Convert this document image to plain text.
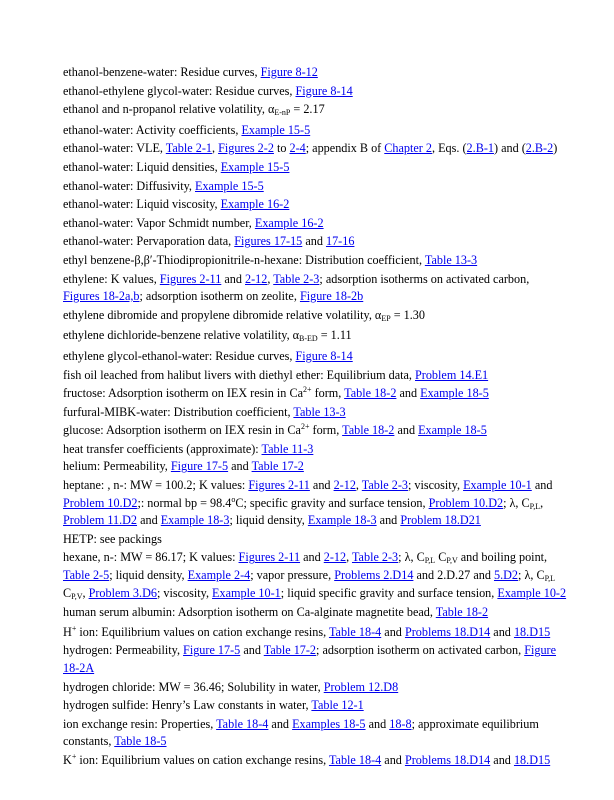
ethanol-benzene-water: Residue curves, Figure 8-12

ethanol-ethylene glycol-water: Residue curves, Figure 8-14

ethanol and n-propanol relative volatility, $\alpha_{E-nP} = 2.17$

ethanol-water: Activity coefficients, Example 15-5

ethanol-water: VLE, Table 2-1, Figures 2-2 to 2-4; appendix B of Chapter 2, Eqs. (2.B-1) and (2.B-2)

ethanol-water: Liquid densities, Example 15-5

ethanol-water: Diffusivity, Example 15-5

ethanol-water: Liquid viscosity, Example 16-2

ethanol-water: Vapor Schmidt number, Example 16-2

ethanol-water: Pervaporation data, Figures 17-15 and 17-16

ethyl benzene-β,β′-Thiodipropionitrile-n-hexane: Distribution coefficient, Table 13-3

ethylene: K values, Figures 2-11 and 2-12, Table 2-3; adsorption isotherms on activated carbon, Figures 18-2a,b; adsorption isotherm on zeolite, Figure 18-2b

ethylene dibromide and propylene dibromide relative volatility, $\alpha_{EP} = 1.30$

ethylene dichloride-benzene relative volatility, $\alpha_{B-ED} = 1.11$

ethylene glycol-ethanol-water: Residue curves, Figure 8-14

fish oil leached from halibut livers with diethyl ether: Equilibrium data, Problem 14.E1

fructose: Adsorption isotherm on IEX resin in $Ca^{2+}$ form, Table 18-2 and Example 18-5

furfural-MIBK-water: Distribution coefficient, Table 13-3

glucose: Adsorption isotherm on IEX resin in $Ca^{2+}$ form, Table 18-2 and Example 18-5

heat transfer coefficients (approximate): Table 11-3

helium: Permeability, Figure 17-5 and Table 17-2

heptane: , n-: MW = 100.2; K values: Figures 2-11 and 2-12, Table 2-3; viscosity, Example 10-1 and Problem 10.D2;: normal bp = $98.4^oC$; specific gravity and surface tension, Problem 10.D2; λ, $C_{P,L}$, Problem 11.D2 and Example 18-3; liquid density, Example 18-3 and Problem 18.D21

HETP: see packings

hexane, n-: MW = 86.17; K values: Figures 2-11 and 2-12, Table 2-3; λ, $C_{P,L}$ $C_{P,V}$ and boiling point, Table 2-5; liquid density, Example 2-4; vapor pressure, Problems 2.D14 and 2.D.27 and 5.D2; λ, $C_{P,L}$ $C_{P,V}$, Problem 3.D6; viscosity, Example 10-1; liquid specific gravity and surface tension, Example 10-2

human serum albumin: Adsorption isotherm on Ca-alginate magnetite bead, Table 18-2

H+ ion: Equilibrium values on cation exchange resins, Table 18-4 and Problems 18.D14 and 18.D15

hydrogen: Permeability, Figure 17-5 and Table 17-2; adsorption isotherm on activated carbon, Figure 18-2A

hydrogen chloride: MW = 36.46; Solubility in water, Problem 12.D8

hydrogen sulfide: Henry’s Law constants in water, Table 12-1

ion exchange resin: Properties, Table 18-4 and Examples 18-5 and 18-8; approximate equilibrium constants, Table 18-5

K+ ion: Equilibrium values on cation exchange resins, Table 18-4 and Problems 18.D14 and 18.D15
